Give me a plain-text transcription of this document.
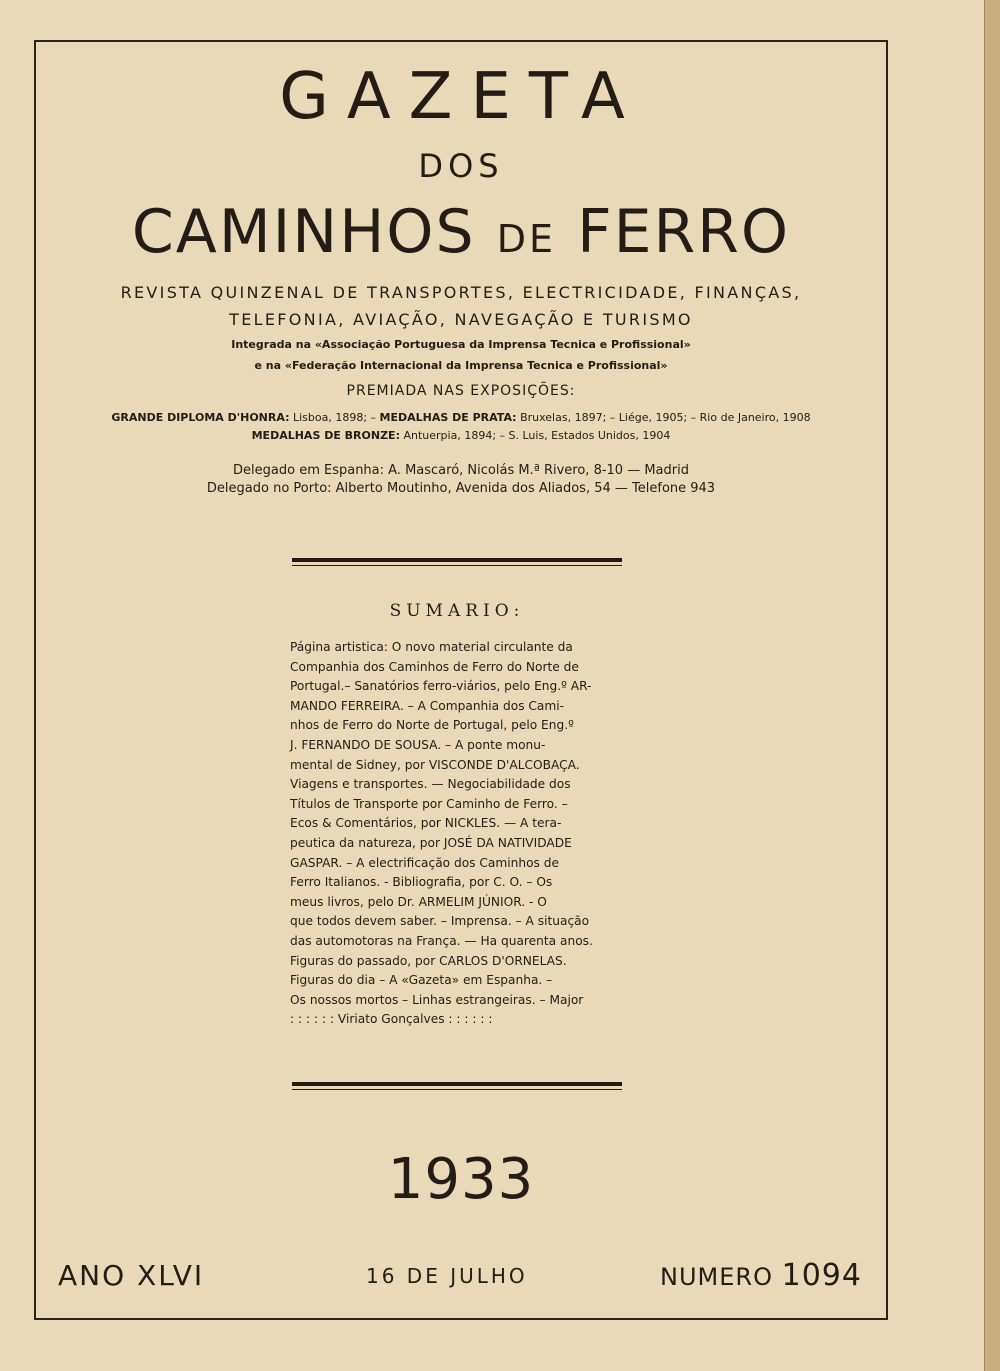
GAZETA
DOS
CAMINHOS DE FERRO
REVISTA QUINZENAL DE TRANSPORTES, ELECTRICIDADE, FINANÇAS,
TELEFONIA, AVIAÇÃO, NAVEGAÇÃO E TURISMO
Integrada na «Associação Portuguesa da Imprensa Tecnica e Profissional»
e na «Federação Internacional da Imprensa Tecnica e Profissional»
PREMIADA NAS EXPOSIÇÕES:
GRANDE DIPLOMA D'HONRA: Lisboa, 1898; – MEDALHAS DE PRATA: Bruxelas, 1897; – Liége, 1905; – Rio de Janeiro, 1908
MEDALHAS DE BRONZE: Antuerpia, 1894; – S. Luis, Estados Unidos, 1904
Delegado em Espanha: A. Mascaró, Nicolás M.ª Rivero, 8-10 — Madrid
Delegado no Porto: Alberto Moutinho, Avenida dos Aliados, 54 — Telefone 943
SUMARIO:
Página artistica: O novo material circulante da
Companhia dos Caminhos de Ferro do Norte de
Portugal.– Sanatórios ferro-viários, pelo Eng.º AR-
MANDO FERREIRA. – A Companhia dos Cami-
nhos de Ferro do Norte de Portugal, pelo Eng.º
J. FERNANDO DE SOUSA. – A ponte monu-
mental de Sidney, por VISCONDE D'ALCOBAÇA.
Viagens e transportes. — Negociabilidade dos
Títulos de Transporte por Caminho de Ferro. –
Ecos & Comentários, por NICKLES. — A tera-
peutica da natureza, por JOSÉ DA NATIVIDADE
GASPAR. – A electrificação dos Caminhos de
Ferro Italianos. - Bibliografia, por C. O. – Os
meus livros, pelo Dr. ARMELIM JÚNIOR. - O
que todos devem saber. – Imprensa. – A situação
das automotoras na França. — Ha quarenta anos.
Figuras do passado, por CARLOS D'ORNELAS.
Figuras do dia – A «Gazeta» em Espanha. –
Os nossos mortos – Linhas estrangeiras. – Major
: : : : : : Viriato Gonçalves : : : : : :
1933
ANO XLVI	16 DE JULHO	NUMERO 1094
